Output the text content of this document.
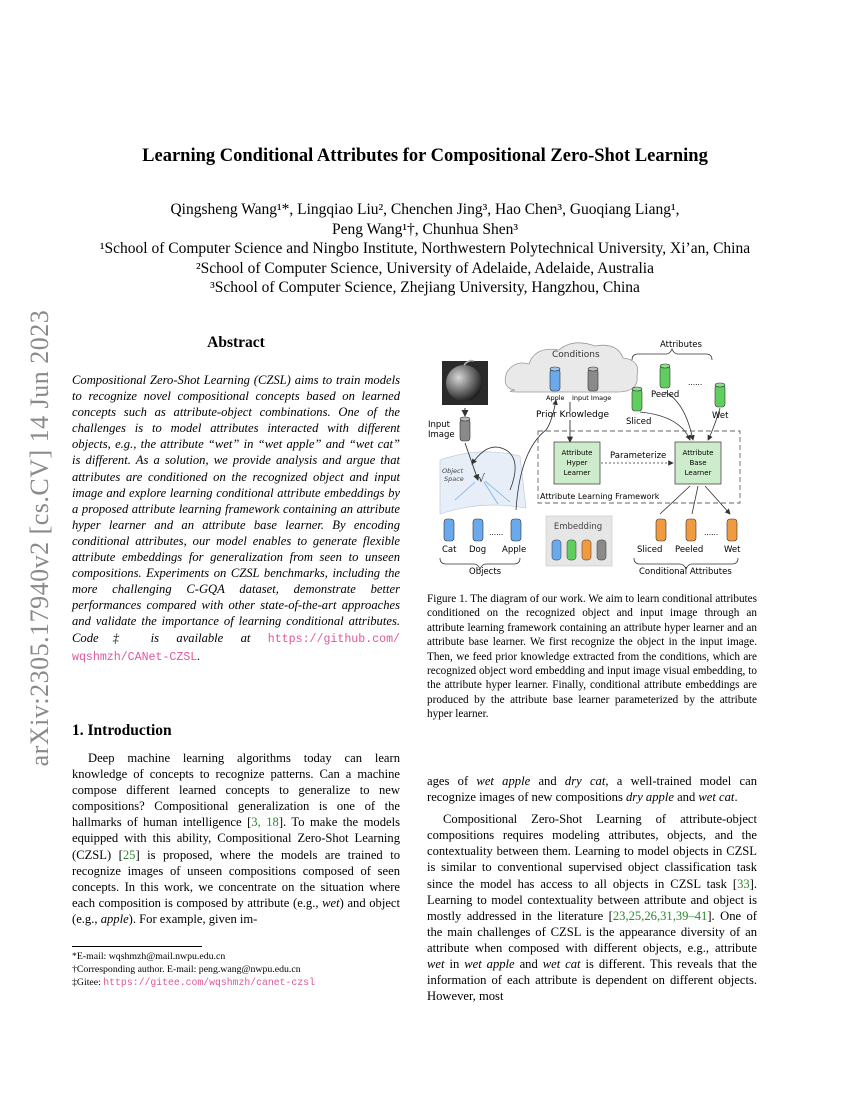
arXiv:2305.17940v2 [cs.CV] 14 Jun 2023
Learning Conditional Attributes for Compositional Zero-Shot Learning
Qingsheng Wang¹*, Lingqiao Liu², Chenchen Jing³, Hao Chen³, Guoqiang Liang¹,
Peng Wang¹†, Chunhua Shen³
¹School of Computer Science and Ningbo Institute, Northwestern Polytechnical University, Xi’an, China
²School of Computer Science, University of Adelaide, Adelaide, Australia
³School of Computer Science, Zhejiang University, Hangzhou, China
Abstract
Compositional Zero-Shot Learning (CZSL) aims to train models to recognize novel compositional concepts based on learned concepts such as attribute-object combinations. One of the challenges is to model attributes interacted with different objects, e.g., the attribute “wet” in “wet apple” and “wet cat” is different. As a solution, we provide analysis and argue that attributes are conditioned on the recognized object and input image and explore learning conditional attribute embeddings by a proposed attribute learning framework containing an attribute hyper learner and an attribute base learner. By encoding conditional attributes, our model enables to generate flexible attribute embeddings for generalization from seen to unseen compositions. Experiments on CZSL benchmarks, including the more challenging C-GQA dataset, demonstrate better performances compared with other state-of-the-art approaches and validate the importance of learning conditional attributes. Code‡ is available at https://github.com/ wqshmzh/CANet-CZSL.
1. Introduction

Deep machine learning algorithms today can learn knowledge of concepts to recognize patterns. Can a machine compose different learned concepts to generalize to new compositions? Compositional generalization is one of the hallmarks of human intelligence [3, 18]. To make the models equipped with this ability, Compositional Zero-Shot Learning (CZSL) [25] is proposed, where the models are trained to recognize images of unseen compositions composed of seen concepts. In this work, we concentrate on the situation where each composition is composed by attribute (e.g., wet) and object (e.g., apple). For example, given im-

*E-mail: wqshmzh@mail.nwpu.edu.cn
†Corresponding author. E-mail: peng.wang@nwpu.edu.cn
‡Gitee: https://gitee.com/wqshmzh/canet-czsl
Input
Image
Conditions
Apple Input Image
Attributes
......
Peeled
Sliced
Wet
Prior Knowledge
Object
Space √
Attribute Learning Framework
Attribute
Hyper
Learner
Parameterize Attribute
Base
Learner
Embedding
......
Cat Dog Apple
Objects
......
Sliced Peeled Wet
Conditional Attributes
Figure 1. The diagram of our work. We aim to learn conditional attributes conditioned on the recognized object and input image through an attribute learning framework containing an attribute hyper learner and an attribute base learner. We first recognize the object in the input image. Then, we feed prior knowledge extracted from the conditions, which are recognized object word embedding and input image visual embedding, to the attribute hyper learner. Finally, conditional attribute embeddings are produced by the attribute base learner parameterized by the attribute hyper learner.

ages of wet apple and dry cat, a well-trained model can recognize images of new compositions dry apple and wet cat.

Compositional Zero-Shot Learning of attribute-object compositions requires modeling attributes, objects, and the contextuality between them. Learning to model objects in CZSL is similar to conventional supervised object classification task since the model has access to all objects in CZSL task [33]. Learning to model contextuality between attribute and object is mostly addressed in the literature [23,25,26,31,39–41]. One of the main challenges of CZSL is the appearance diversity of an attribute when composed with different objects, e.g., attribute wet in wet apple and wet cat is different. This reveals that the information of each attribute is dependent on different objects. However, most
